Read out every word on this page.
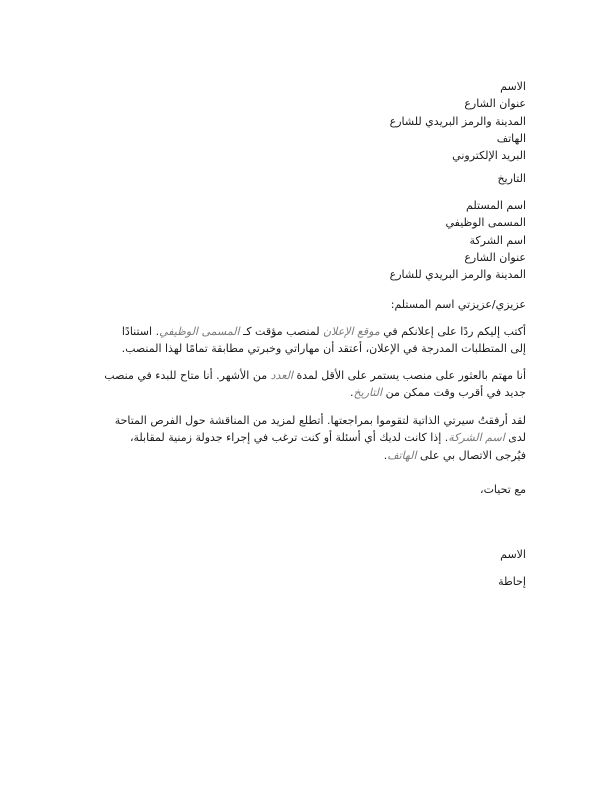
الاسم
عنوان الشارع
المدينة والرمز البريدي للشارع
الهاتف
البريد الإلكتروني
التاريخ
اسم المستلم
المسمى الوظيفي
اسم الشركة
عنوان الشارع
المدينة والرمز البريدي للشارع
عزيزي/عزيزتي اسم المستلم:
أكتب إليكم ردًا على إعلانكم في موقع الإعلان لمنصب مؤقت كـ المسمى الوظيفي. استنادًا إلى المتطلبات المدرجة في الإعلان، أعتقد أن مهاراتي وخبرتي مطابقة تمامًا لهذا المنصب.
أنا مهتم بالعثور على منصب يستمر على الأقل لمدة العدد من الأشهر. أنا متاح للبدء في منصب جديد في أقرب وقت ممكن من التاريخ.
لقد أرفقتُ سيرتي الذاتية لتقوموا بمراجعتها. أتطلع لمزيد من المناقشة حول الفرص المتاحة لدى اسم الشركة. إذا كانت لديك أي أسئلة أو كنت ترغب في إجراء جدولة زمنية لمقابلة، فيُرجى الاتصال بي على الهاتف.
مع تحيات،
الاسم
إحاطة
